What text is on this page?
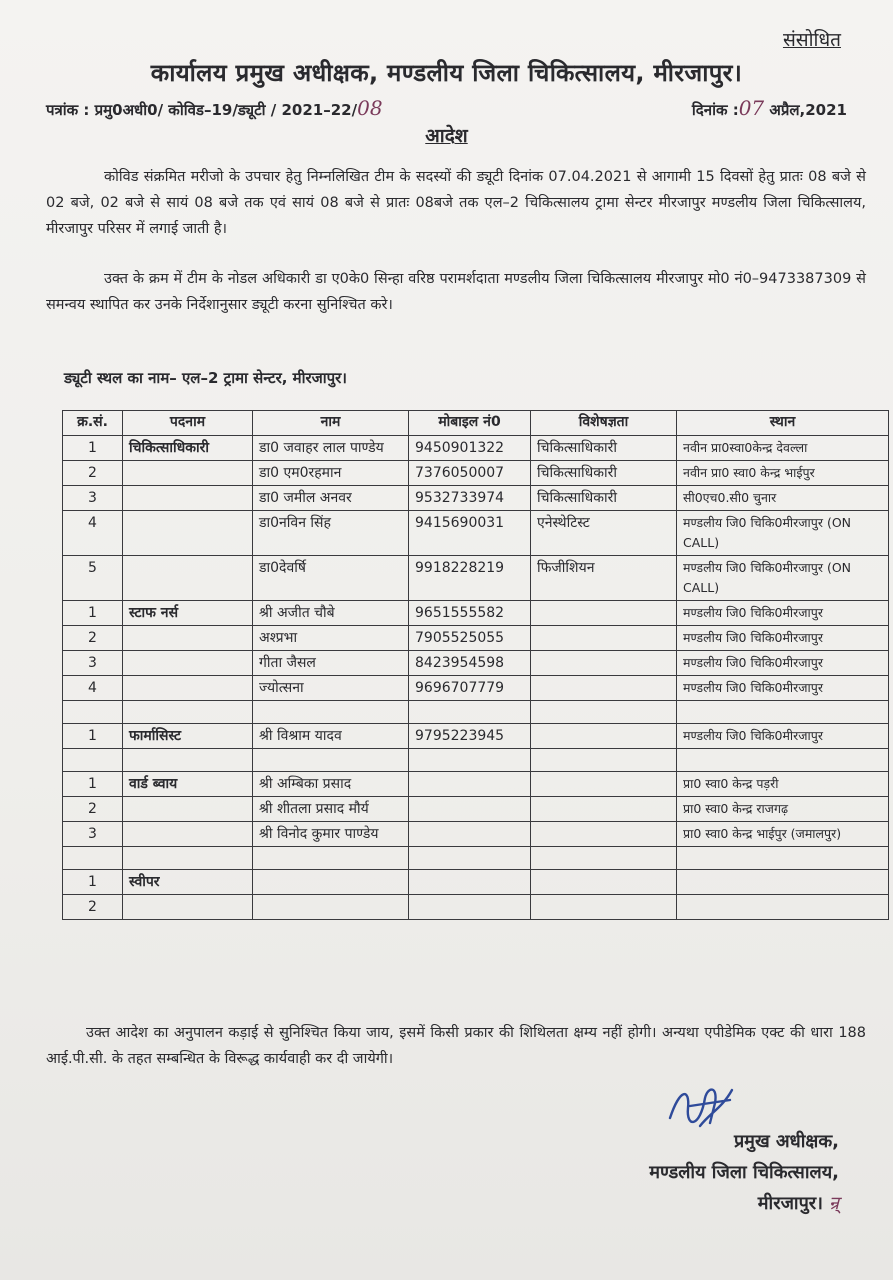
संसोधित
कार्यालय प्रमुख अधीक्षक, मण्डलीय जिला चिकित्सालय, मीरजापुर।
पत्रांक : प्रमु0अधी0/ कोविड–19/ड्यूटी / 2021–22/08	दिनांक :07 अप्रैल,2021
आदेश
कोविड संक्रमित मरीजो के उपचार हेतु निम्नलिखित टीम के सदस्यों की ड्यूटी दिनांक 07.04.2021 से आगामी 15 दिवसों हेतु प्रातः 08 बजे से 02 बजे, 02 बजे से सायं 08 बजे तक एवं सायं 08 बजे से प्रातः 08बजे तक एल–2 चिकित्सालय ट्रामा सेन्टर मीरजापुर मण्डलीय जिला चिकित्सालय, मीरजापुर परिसर में लगाई जाती है।
उक्त के क्रम में टीम के नोडल अधिकारी डा ए0के0 सिन्हा वरिष्ठ परामर्शदाता मण्डलीय जिला चिकित्सालय मीरजापुर मो0 नं0–9473387309 से समन्वय स्थापित कर उनके निर्देशानुसार ड्यूटी करना सुनिश्चित करे।
ड्यूटी स्थल का नाम– एल–2 ट्रामा सेन्टर, मीरजापुर।
क्र.सं.	पदनाम	नाम	मोबाइल नं0	विशेषज्ञता	स्थान
1	चिकित्साधिकारी	डा0 जवाहर लाल पाण्डेय	9450901322	चिकित्साधिकारी	नवीन प्रा0स्वा0केन्द्र देवल्ला
2		डा0 एम0रहमान	7376050007	चिकित्साधिकारी	नवीन प्रा0 स्वा0 केन्द्र भाईपुर
3		डा0 जमील अनवर	9532733974	चिकित्साधिकारी	सी0एच0.सी0 चुनार
4		डा0नविन सिंह	9415690031	एनेस्थेटिस्ट	मण्डलीय जि0 चिकि0मीरजापुर (ON CALL)
5		डा0देवर्षि	9918228219	फिजीशियन	मण्डलीय जि0 चिकि0मीरजापुर (ON CALL)
1	स्टाफ नर्स	श्री अजीत चौबे	9651555582		मण्डलीय जि0 चिकि0मीरजापुर
2		अश्प्रभा	7905525055		मण्डलीय जि0 चिकि0मीरजापुर
3		गीता जैसल	8423954598		मण्डलीय जि0 चिकि0मीरजापुर
4		ज्योत्सना	9696707779		मण्डलीय जि0 चिकि0मीरजापुर

1	फार्मासिस्ट	श्री विश्राम यादव	9795223945		मण्डलीय जि0 चिकि0मीरजापुर

1	वार्ड ब्वाय	श्री अम्बिका प्रसाद			प्रा0 स्वा0 केन्द्र पड़री
2		श्री शीतला प्रसाद मौर्य			प्रा0 स्वा0 केन्द्र राजगढ़
3		श्री विनोद कुमार पाण्डेय			प्रा0 स्वा0 केन्द्र भाईपुर (जमालपुर)

1	स्वीपर				
2					
उक्त आदेश का अनुपालन कड़ाई से सुनिश्चित किया जाय, इसमें किसी प्रकार की शिथिलता क्षम्य नहीं होगी। अन्यथा एपीडेमिक एक्ट की धारा 188 आई.पी.सी. के तहत सम्बन्धित के विरूद्ध कार्यवाही कर दी जायेगी।
प्रमुख अधीक्षक,
मण्डलीय जिला चिकित्सालय,
मीरजापुर। न्र्
